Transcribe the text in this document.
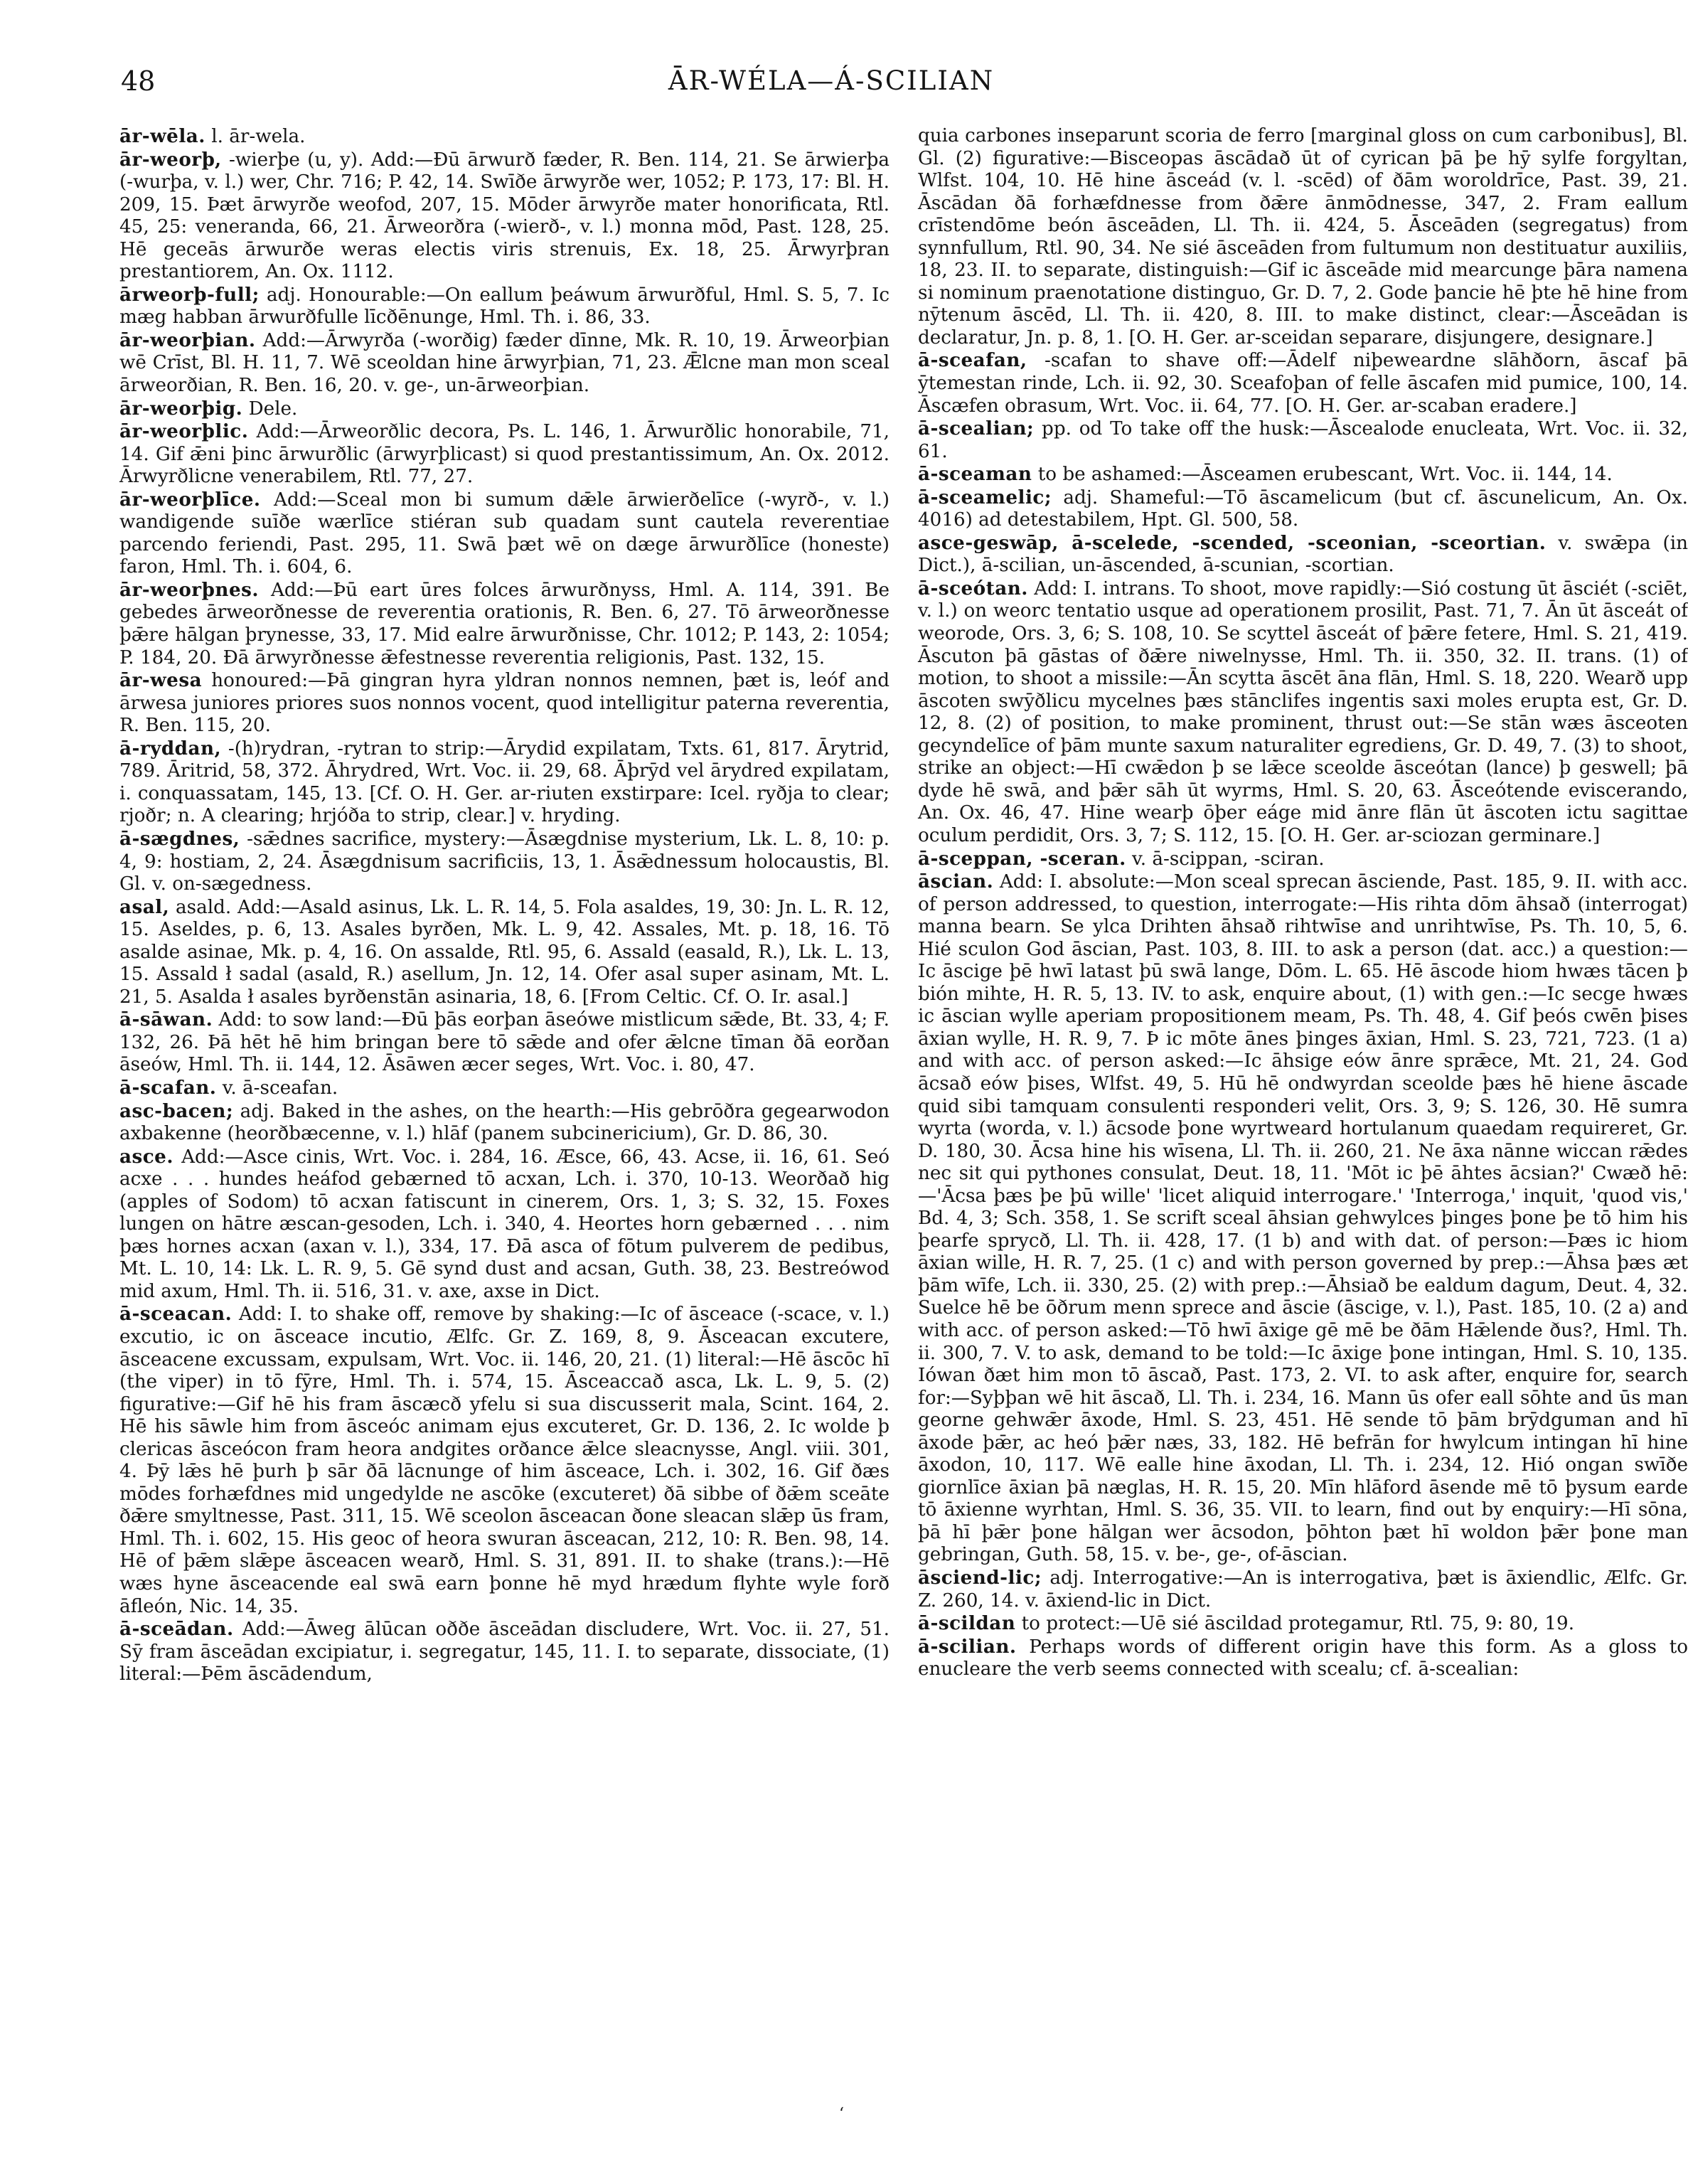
48	ĀR-WÉLA—Á-SCILIAN

ār-wēla. l. ār-wela.

ār-weorþ, -wierþe (u, y). Add:—Ðū ārwurð fæder, R. Ben. 114, 21. Se ārwierþa (-wurþa, v. l.) wer, Chr. 716; P. 42, 14. Swīðe ārwyrðe wer, 1052; P. 173, 17: Bl. H. 209, 15. Þæt ārwyrðe weofod, 207, 15. Mōder ārwyrðe mater honorificata, Rtl. 45, 25: veneranda, 66, 21. Ārweorðra (-wierð-, v. l.) monna mōd, Past. 128, 25. Hē geceās ārwurðe weras electis viris strenuis, Ex. 18, 25. Ārwyrþran prestantiorem, An. Ox. 1112.

ārweorþ-full; adj. Honourable:—On eallum þeáwum ārwurðful, Hml. S. 5, 7. Ic mæg habban ārwurðfulle līcðēnunge, Hml. Th. i. 86, 33.

ār-weorþian. Add:—Ārwyrða (-worðig) fæder dīnne, Mk. R. 10, 19. Ārweorþian wē Crīst, Bl. H. 11, 7. Wē sceoldan hine ārwyrþian, 71, 23. Ǣlcne man mon sceal ārweorðian, R. Ben. 16, 20. v. ge-, un-ārweorþian.

ār-weorþig. Dele.

ār-weorþlic. Add:—Ārweorðlic decora, Ps. L. 146, 1. Ārwurðlic honorabile, 71, 14. Gif ǣni þinc ārwurðlic (ārwyrþlicast) si quod prestantissimum, An. Ox. 2012. Ārwyrðlicne venerabilem, Rtl. 77, 27.

ār-weorþlīce. Add:—Sceal mon bi sumum dǣle ārwierðelīce (-wyrð-, v. l.) wandigende suīðe wærlīce stiéran sub quadam sunt cautela reverentiae parcendo feriendi, Past. 295, 11. Swā þæt wē on dæge ārwurðlīce (honeste) faron, Hml. Th. i. 604, 6.

ār-weorþnes. Add:—Þū eart ūres folces ārwurðnyss, Hml. A. 114, 391. Be gebedes ārweorðnesse de reverentia orationis, R. Ben. 6, 27. Tō ārweorðnesse þǣre hālgan þrynesse, 33, 17. Mid ealre ārwurðnisse, Chr. 1012; P. 143, 2: 1054; P. 184, 20. Ðā ārwyrðnesse ǣfestnesse reverentia religionis, Past. 132, 15.

ār-wesa honoured:—Þā gingran hyra yldran nonnos nemnen, þæt is, leóf and ārwesa juniores priores suos nonnos vocent, quod intelligitur paterna reverentia, R. Ben. 115, 20.

ā-ryddan, -(h)rydran, -rytran to strip:—Ārydid expilatam, Txts. 61, 817. Ārytrid, 789. Āritrid, 58, 372. Āhrydred, Wrt. Voc. ii. 29, 68. Āþrȳd vel ārydred expilatam, i. conquassatam, 145, 13. [Cf. O. H. Ger. ar-riuten exstirpare: Icel. ryðja to clear; rjoðr; n. A clearing; hrjóða to strip, clear.] v. hryding.

ā-sægdnes, -sǣdnes sacrifice, mystery:—Āsægdnise mysterium, Lk. L. 8, 10: p. 4, 9: hostiam, 2, 24. Āsægdnisum sacrificiis, 13, 1. Āsǣdnessum holocaustis, Bl. Gl. v. on-sægedness.

asal, asald. Add:—Asald asinus, Lk. L. R. 14, 5. Fola asaldes, 19, 30: Jn. L. R. 12, 15. Aseldes, p. 6, 13. Asales byrðen, Mk. L. 9, 42. Assales, Mt. p. 18, 16. Tō asalde asinae, Mk. p. 4, 16. On assalde, Rtl. 95, 6. Assald (easald, R.), Lk. L. 13, 15. Assald ł sadal (asald, R.) asellum, Jn. 12, 14. Ofer asal super asinam, Mt. L. 21, 5. Asalda ł asales byrðenstān asinaria, 18, 6. [From Celtic. Cf. O. Ir. asal.]

ā-sāwan. Add: to sow land:—Ðū þās eorþan āseówe mistlicum sǣde, Bt. 33, 4; F. 132, 26. Þā hēt hē him bringan bere tō sǣde and ofer ǣlcne tīman ðā eorðan āseów, Hml. Th. ii. 144, 12. Āsāwen æcer seges, Wrt. Voc. i. 80, 47.

ā-scafan. v. ā-sceafan.

asc-bacen; adj. Baked in the ashes, on the hearth:—His gebrōðra gegearwodon axbakenne (heorðbæcenne, v. l.) hlāf (panem subcinericium), Gr. D. 86, 30.

asce. Add:—Asce cinis, Wrt. Voc. i. 284, 16. Æsce, 66, 43. Acse, ii. 16, 61. Seó acxe . . . hundes heáfod gebærned tō acxan, Lch. i. 370, 10-13. Weorðað hig (apples of Sodom) tō acxan fatiscunt in cinerem, Ors. 1, 3; S. 32, 15. Foxes lungen on hātre æscan-gesoden, Lch. i. 340, 4. Heortes horn gebærned . . . nim þæs hornes acxan (axan v. l.), 334, 17. Ðā asca of fōtum pulverem de pedibus, Mt. L. 10, 14: Lk. L. R. 9, 5. Gē synd dust and acsan, Guth. 38, 23. Bestreówod mid axum, Hml. Th. ii. 516, 31. v. axe, axse in Dict.

ā-sceacan. Add: I. to shake off, remove by shaking:—Ic of āsceace (-scace, v. l.) excutio, ic on āsceace incutio, Ælfc. Gr. Z. 169, 8, 9. Āsceacan excutere, āsceacene excussam, expulsam, Wrt. Voc. ii. 146, 20, 21. (1) literal:—Hē āscōc hī (the viper) in tō fȳre, Hml. Th. i. 574, 15. Āsceaccað asca, Lk. L. 9, 5. (2) figurative:—Gif hē his fram āscæcð yfelu si sua discusserit mala, Scint. 164, 2. Hē his sāwle him from āsceóc animam ejus excuteret, Gr. D. 136, 2. Ic wolde þ clericas āsceócon fram heora andgites orðance ǣlce sleacnysse, Angl. viii. 301, 4. Þȳ lǣs hē þurh þ sār ðā lācnunge of him āsceace, Lch. i. 302, 16. Gif ðæs mōdes forhæfdnes mid ungedylde ne ascōke (excuteret) ðā sibbe of ðǣm sceāte ðǣre smyltnesse, Past. 311, 15. Wē sceolon āsceacan ðone sleacan slǣp ūs fram, Hml. Th. i. 602, 15. His geoc of heora swuran āsceacan, 212, 10: R. Ben. 98, 14. Hē of þǣm slǣpe āsceacen wearð, Hml. S. 31, 891. II. to shake (trans.):—Hē wæs hyne āsceacende eal swā earn þonne hē myd hrædum flyhte wyle forð āfleón, Nic. 14, 35.

ā-sceādan. Add:—Āweg ālūcan oððe āsceādan discludere, Wrt. Voc. ii. 27, 51. Sȳ fram āsceādan excipiatur, i. segregatur, 145, 11. I. to separate, dissociate, (1) literal:—Þēm āscādendum,

quia carbones inseparunt scoria de ferro [marginal gloss on cum carbonibus], Bl. Gl. (2) figurative:—Bisceopas āscādað ūt of cyrican þā þe hȳ sylfe forgyltan, Wlfst. 104, 10. Hē hine āsceád (v. l. -scēd) of ðām woroldrīce, Past. 39, 21. Āscādan ðā forhæfdnesse from ðǣre ānmōdnesse, 347, 2. Fram eallum crīstendōme beón āsceāden, Ll. Th. ii. 424, 5. Āsceāden (segregatus) from synnfullum, Rtl. 90, 34. Ne sié āsceāden from fultumum non destituatur auxiliis, 18, 23. II. to separate, distinguish:—Gif ic āsceāde mid mearcunge þāra namena si nominum praenotatione distinguo, Gr. D. 7, 2. Gode þancie hē þte hē hine from nȳtenum āscēd, Ll. Th. ii. 420, 8. III. to make distinct, clear:—Āsceādan is declaratur, Jn. p. 8, 1. [O. H. Ger. ar-sceidan separare, disjungere, designare.]

ā-sceafan, -scafan to shave off:—Ādelf niþeweardne slāhðorn, āscaf þā ȳtemestan rinde, Lch. ii. 92, 30. Sceafoþan of felle āscafen mid pumice, 100, 14. Āscæfen obrasum, Wrt. Voc. ii. 64, 77. [O. H. Ger. ar-scaban eradere.]

ā-scealian; pp. od To take off the husk:—Āscealode enucleata, Wrt. Voc. ii. 32, 61.

ā-sceaman to be ashamed:—Āsceamen erubescant, Wrt. Voc. ii. 144, 14.

ā-sceamelic; adj. Shameful:—Tō āscamelicum (but cf. āscunelicum, An. Ox. 4016) ad detestabilem, Hpt. Gl. 500, 58.

asce-geswāp, ā-scelede, -scended, -sceonian, -sceortian. v. swǣpa (in Dict.), ā-scilian, un-āscended, ā-scunian, -scortian.

ā-sceótan. Add: I. intrans. To shoot, move rapidly:—Sió costung ūt āsciét (-sciēt, v. l.) on weorc tentatio usque ad operationem prosilit, Past. 71, 7. Ān ūt āsceát of weorode, Ors. 3, 6; S. 108, 10. Se scyttel āsceát of þǣre fetere, Hml. S. 21, 419. Āscuton þā gāstas of ðǣre niwelnysse, Hml. Th. ii. 350, 32. II. trans. (1) of motion, to shoot a missile:—Ān scytta āscēt āna flān, Hml. S. 18, 220. Wearð upp āscoten swȳðlicu mycelnes þæs stānclifes ingentis saxi moles erupta est, Gr. D. 12, 8. (2) of position, to make prominent, thrust out:—Se stān wæs āsceoten gecyndelīce of þām munte saxum naturaliter egrediens, Gr. D. 49, 7. (3) to shoot, strike an object:—Hī cwǣdon þ se lǣce sceolde āsceótan (lance) þ geswell; þā dyde hē swā, and þǣr sāh ūt wyrms, Hml. S. 20, 63. Āsceótende eviscerando, An. Ox. 46, 47. Hine wearþ ōþer eáge mid ānre flān ūt āscoten ictu sagittae oculum perdidit, Ors. 3, 7; S. 112, 15. [O. H. Ger. ar-sciozan germinare.]

ā-sceppan, -sceran. v. ā-scippan, -sciran.

āscian. Add: I. absolute:—Mon sceal sprecan āsciende, Past. 185, 9. II. with acc. of person addressed, to question, interrogate:—His rihta dōm āhsað (interrogat) manna bearn. Se ylca Drihten āhsað rihtwīse and unrihtwīse, Ps. Th. 10, 5, 6. Hié sculon God āscian, Past. 103, 8. III. to ask a person (dat. acc.) a question:—Ic āscige þē hwī latast þū swā lange, Dōm. L. 65. Hē āscode hiom hwæs tācen þ bión mihte, H. R. 5, 13. IV. to ask, enquire about, (1) with gen.:—Ic secge hwæs ic āscian wylle aperiam propositionem meam, Ps. Th. 48, 4. Gif þeós cwēn þises āxian wylle, H. R. 9, 7. Þ ic mōte ānes þinges āxian, Hml. S. 23, 721, 723. (1 a) and with acc. of person asked:—Ic āhsige eów ānre sprǣce, Mt. 21, 24. God ācsað eów þises, Wlfst. 49, 5. Hū hē ondwyrdan sceolde þæs hē hiene āscade quid sibi tamquam consulenti responderi velit, Ors. 3, 9; S. 126, 30. Hē sumra wyrta (worda, v. l.) ācsode þone wyrtweard hortulanum quaedam requireret, Gr. D. 180, 30. Ācsa hine his wīsena, Ll. Th. ii. 260, 21. Ne āxa nānne wiccan rǣdes nec sit qui pythones consulat, Deut. 18, 11. 'Mōt ic þē āhtes ācsian?' Cwæð hē:—'Ācsa þæs þe þū wille' 'licet aliquid interrogare.' 'Interroga,' inquit, 'quod vis,' Bd. 4, 3; Sch. 358, 1. Se scrift sceal āhsian gehwylces þinges þone þe tō him his þearfe sprycð, Ll. Th. ii. 428, 17. (1 b) and with dat. of person:—Þæs ic hiom āxian wille, H. R. 7, 25. (1 c) and with person governed by prep.:—Āhsa þæs æt þām wīfe, Lch. ii. 330, 25. (2) with prep.:—Āhsiað be ealdum dagum, Deut. 4, 32. Suelce hē be ōðrum menn sprece and āscie (āscige, v. l.), Past. 185, 10. (2 a) and with acc. of person asked:—Tō hwī āxige gē mē be ðām Hǣlende ðus?, Hml. Th. ii. 300, 7. V. to ask, demand to be told:—Ic āxige þone intingan, Hml. S. 10, 135. Iówan ðæt him mon tō āscað, Past. 173, 2. VI. to ask after, enquire for, search for:—Syþþan wē hit āscað, Ll. Th. i. 234, 16. Mann ūs ofer eall sōhte and ūs man georne gehwǣr āxode, Hml. S. 23, 451. Hē sende tō þām brȳdguman and hī āxode þǣr, ac heó þǣr næs, 33, 182. Hē befrān for hwylcum intingan hī hine āxodon, 10, 117. Wē ealle hine āxodan, Ll. Th. i. 234, 12. Hió ongan swīðe giornlīce āxian þā næglas, H. R. 15, 20. Mīn hlāford āsende mē tō þysum earde tō āxienne wyrhtan, Hml. S. 36, 35. VII. to learn, find out by enquiry:—Hī sōna, þā hī þǣr þone hālgan wer ācsodon, þōhton þæt hī woldon þǣr þone man gebringan, Guth. 58, 15. v. be-, ge-, of-āscian.

āsciend-lic; adj. Interrogative:—An is interrogativa, þæt is āxiendlic, Ælfc. Gr. Z. 260, 14. v. āxiend-lic in Dict.

ā-scildan to protect:—Uē sié āscildad protegamur, Rtl. 75, 9: 80, 19.

ā-scilian. Perhaps words of different origin have this form. As a gloss to enucleare the verb seems connected with scealu; cf. ā-scealian:

‘
